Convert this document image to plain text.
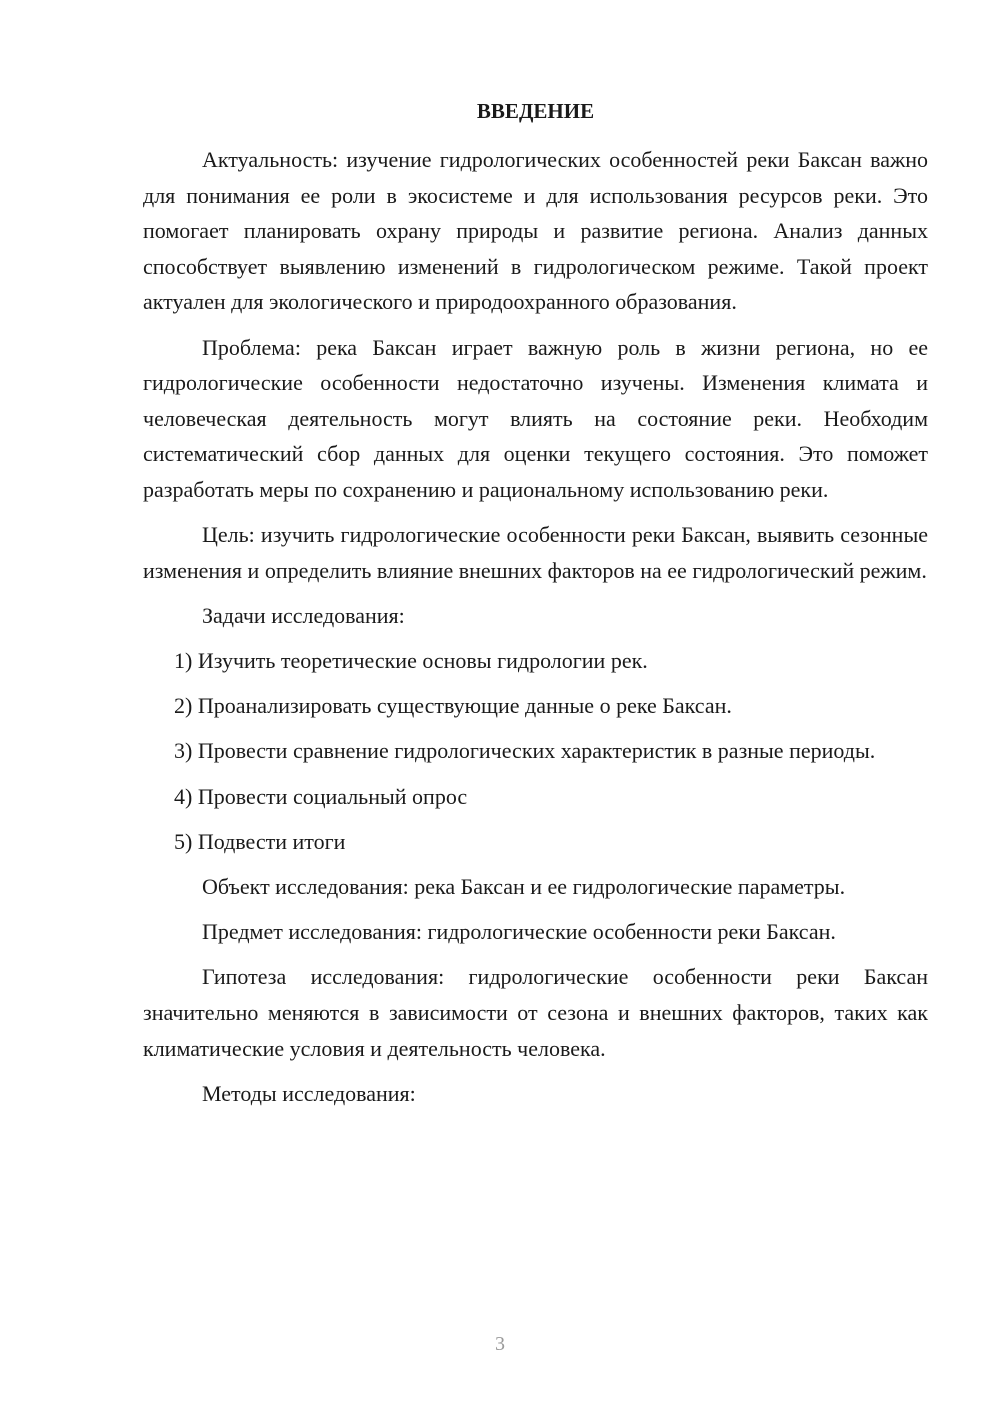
ВВЕДЕНИЕ

Актуальность: изучение гидрологических особенностей реки Баксан важно для понимания ее роли в экосистеме и для использования ресурсов реки. Это помогает планировать охрану природы и развитие региона. Анализ данных способствует выявлению изменений в гидрологическом режиме. Такой проект актуален для экологического и природоохранного образования.

Проблема: река Баксан играет важную роль в жизни региона, но ее гидрологические особенности недостаточно изучены. Изменения климата и человеческая деятельность могут влиять на состояние реки. Необходим систематический сбор данных для оценки текущего состояния. Это поможет разработать меры по сохранению и рациональному использованию реки.

Цель: изучить гидрологические особенности реки Баксан, выявить сезонные изменения и определить влияние внешних факторов на ее гидрологический режим.

Задачи исследования:

1) Изучить теоретические основы гидрологии рек.

2) Проанализировать существующие данные о реке Баксан.

3) Провести сравнение гидрологических характеристик в разные периоды.

4) Провести социальный опрос

5) Подвести итоги

Объект исследования: река Баксан и ее гидрологические параметры.

Предмет исследования: гидрологические особенности реки Баксан.

Гипотеза исследования: гидрологические особенности реки Баксан значительно меняются в зависимости от сезона и внешних факторов, таких как климатические условия и деятельность человека.

Методы исследования:

3
